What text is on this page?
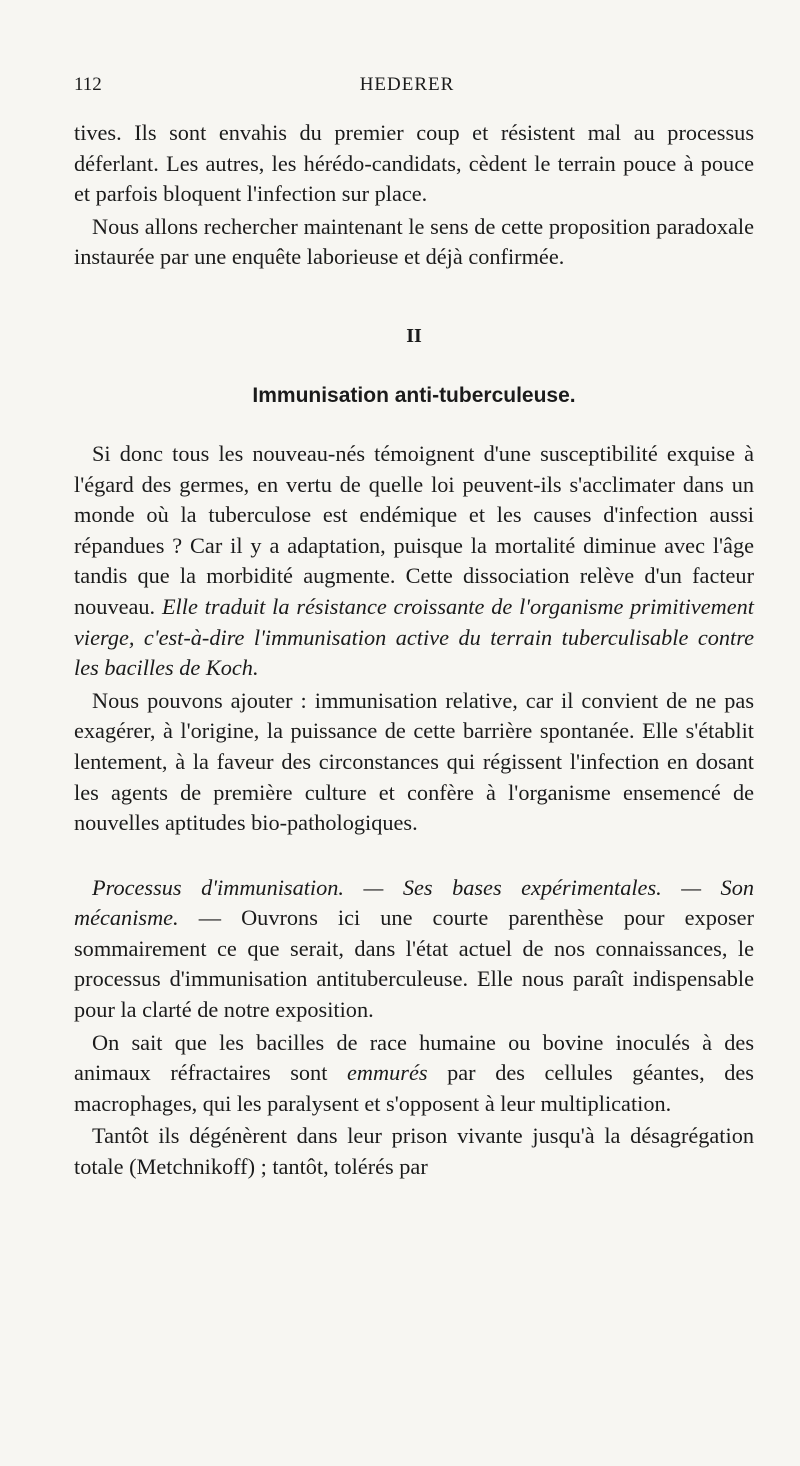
112	HEDERER

tives. Ils sont envahis du premier coup et résistent mal au processus déferlant. Les autres, les hérédo-candidats, cèdent le terrain pouce à pouce et parfois bloquent l'infection sur place.

Nous allons rechercher maintenant le sens de cette proposition paradoxale instaurée par une enquête laborieuse et déjà confirmée.

II
Immunisation anti-tuberculeuse.

Si donc tous les nouveau-nés témoignent d'une susceptibilité exquise à l'égard des germes, en vertu de quelle loi peuvent-ils s'acclimater dans un monde où la tuberculose est endémique et les causes d'infection aussi répandues ? Car il y a adaptation, puisque la mortalité diminue avec l'âge tandis que la morbidité augmente. Cette dissociation relève d'un facteur nouveau. Elle traduit la résistance croissante de l'organisme primitivement vierge, c'est-à-dire l'immunisation active du terrain tuberculisable contre les bacilles de Koch.

Nous pouvons ajouter : immunisation relative, car il convient de ne pas exagérer, à l'origine, la puissance de cette barrière spontanée. Elle s'établit lentement, à la faveur des circonstances qui régissent l'infection en dosant les agents de première culture et confère à l'organisme ensemencé de nouvelles aptitudes bio-pathologiques.

Processus d'immunisation. — Ses bases expérimentales. — Son mécanisme. — Ouvrons ici une courte parenthèse pour exposer sommairement ce que serait, dans l'état actuel de nos connaissances, le processus d'immunisation antituberculeuse. Elle nous paraît indispensable pour la clarté de notre exposition.

On sait que les bacilles de race humaine ou bovine inoculés à des animaux réfractaires sont emmurés par des cellules géantes, des macrophages, qui les paralysent et s'opposent à leur multiplication.

Tantôt ils dégénèrent dans leur prison vivante jusqu'à la désagrégation totale (Metchnikoff) ; tantôt, tolérés par
